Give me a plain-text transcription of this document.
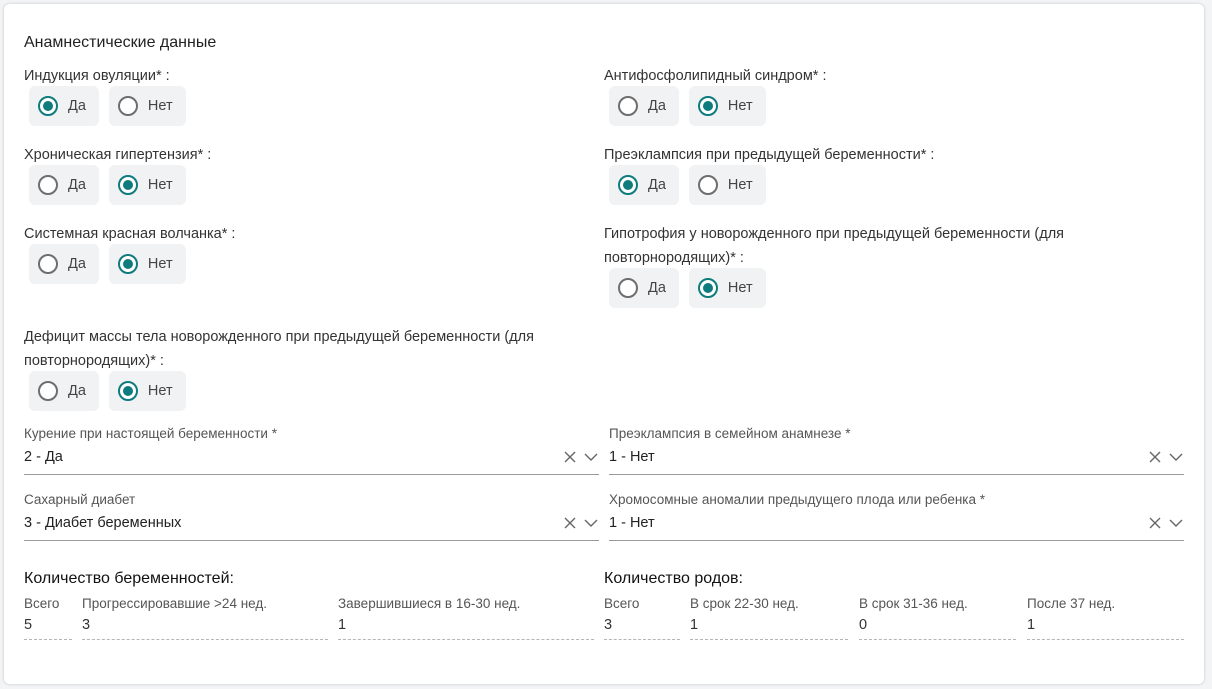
Анамнестические данные
Индукция овуляции* :
Да	Нет
Антифосфолипидный синдром* :
Да	Нет
Хроническая гипертензия* :
Да	Нет
Преэклампсия при предыдущей беременности* :
Да	Нет
Системная красная волчанка* :
Да	Нет
Гипотрофия у новорожденного при предыдущей беременности (для
повторнородящих)* :
Да	Нет
Дефицит массы тела новорожденного при предыдущей беременности (для
повторнородящих)* :
Да	Нет
Курение при настоящей беременности *
2 - Да
Преэклампсия в семейном анамнезе *
1 - Нет
Сахарный диабет
3 - Диабет беременных
Хромосомные аномалии предыдущего плода или ребенка *
1 - Нет
Количество беременностей:
Всего
5
Прогрессировавшие >24 нед.
3
Завершившиеся в 16-30 нед.
1
Количество родов:
Всего
3
В срок 22-30 нед.
1
В срок 31-36 нед.
0
После 37 нед.
1
